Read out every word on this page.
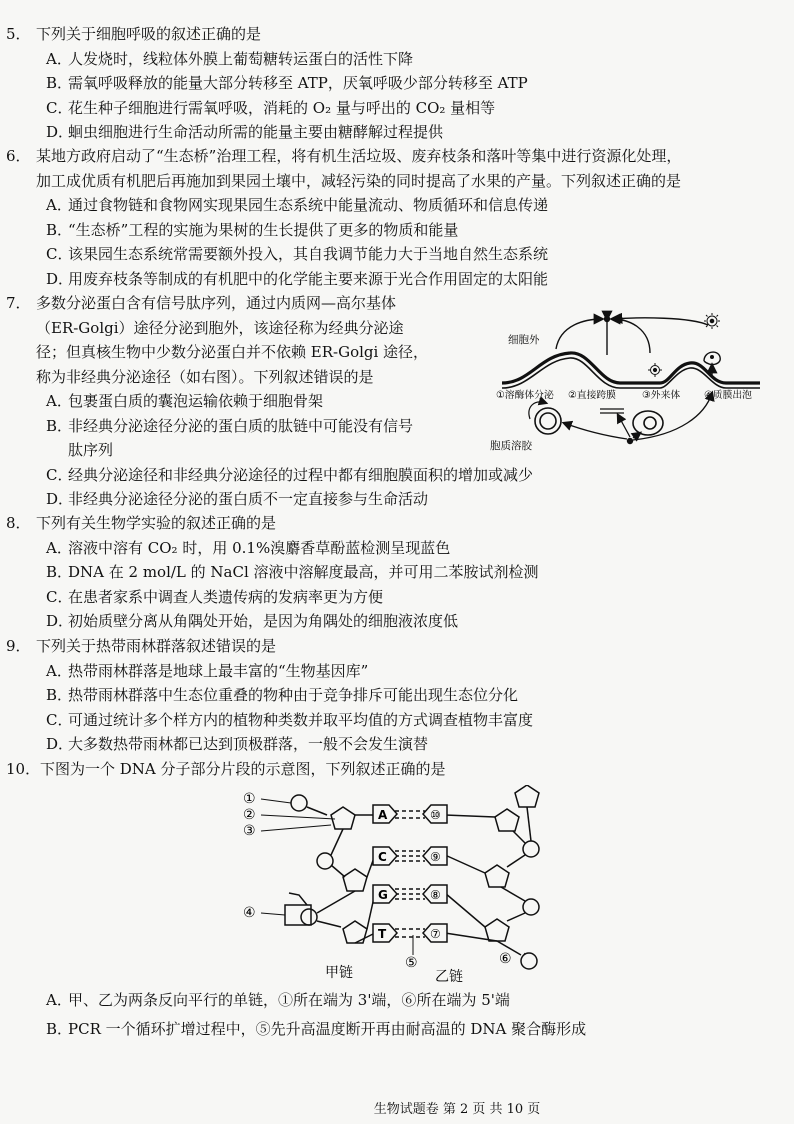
5． 下列关于细胞呼吸的叙述正确的是
A．人发烧时，线粒体外膜上葡萄糖转运蛋白的活性下降
B．需氧呼吸释放的能量大部分转移至 ATP，厌氧呼吸少部分转移至 ATP
C．花生种子细胞进行需氧呼吸，消耗的 O₂ 量与呼出的 CO₂ 量相等
D．蛔虫细胞进行生命活动所需的能量主要由糖酵解过程提供
6． 某地方政府启动了“生态桥”治理工程，将有机生活垃圾、废弃枝条和落叶等集中进行资源化处理，
加工成优质有机肥后再施加到果园土壤中，减轻污染的同时提高了水果的产量。下列叙述正确的是
A．通过食物链和食物网实现果园生态系统中能量流动、物质循环和信息传递
B．“生态桥”工程的实施为果树的生长提供了更多的物质和能量
C．该果园生态系统常需要额外投入，其自我调节能力大于当地自然生态系统
D．用废弃枝条等制成的有机肥中的化学能主要来源于光合作用固定的太阳能
7． 多数分泌蛋白含有信号肽序列，通过内质网—高尔基体
（ER-Golgi）途径分泌到胞外，该途径称为经典分泌途
径；但真核生物中少数分泌蛋白并不依赖 ER-Golgi 途径，
称为非经典分泌途径（如右图）。下列叙述错误的是
A．包裹蛋白质的囊泡运输依赖于细胞骨架
B．非经典分泌途径分泌的蛋白质的肽链中可能没有信号
肽序列
C．经典分泌途径和非经典分泌途径的过程中都有细胞膜面积的增加或减少
D．非经典分泌途径分泌的蛋白质不一定直接参与生命活动
细胞外
胞质溶胶
①溶酶体分泌 ②直接跨膜	③外来体 ④质膜出泡
8． 下列有关生物学实验的叙述正确的是
A．溶液中溶有 CO₂ 时，用 0.1%溴麝香草酚蓝检测呈现蓝色
B．DNA 在 2 mol/L 的 NaCl 溶液中溶解度最高，并可用二苯胺试剂检测
C．在患者家系中调查人类遗传病的发病率更为方便
D．初始质壁分离从角隅处开始，是因为角隅处的细胞液浓度低
9． 下列关于热带雨林群落叙述错误的是
A．热带雨林群落是地球上最丰富的“生物基因库”
B．热带雨林群落中生态位重叠的物种由于竞争排斥可能出现生态位分化
C．可通过统计多个样方内的植物种类数并取平均值的方式调查植物丰富度
D．大多数热带雨林都已达到顶极群落，一般不会发生演替
10．下图为一个 DNA 分子部分片段的示意图，下列叙述正确的是
A
C
G
T
⑩
⑨
⑧
⑦
①
②
③
④
⑤	⑥
甲链	乙链
A．甲、乙为两条反向平行的单链，①所在端为 3'端，⑥所在端为 5'端
B．PCR 一个循环扩增过程中，⑤先升高温度断开再由耐高温的 DNA 聚合酶形成
生物试题卷 第 2 页 共 10 页
